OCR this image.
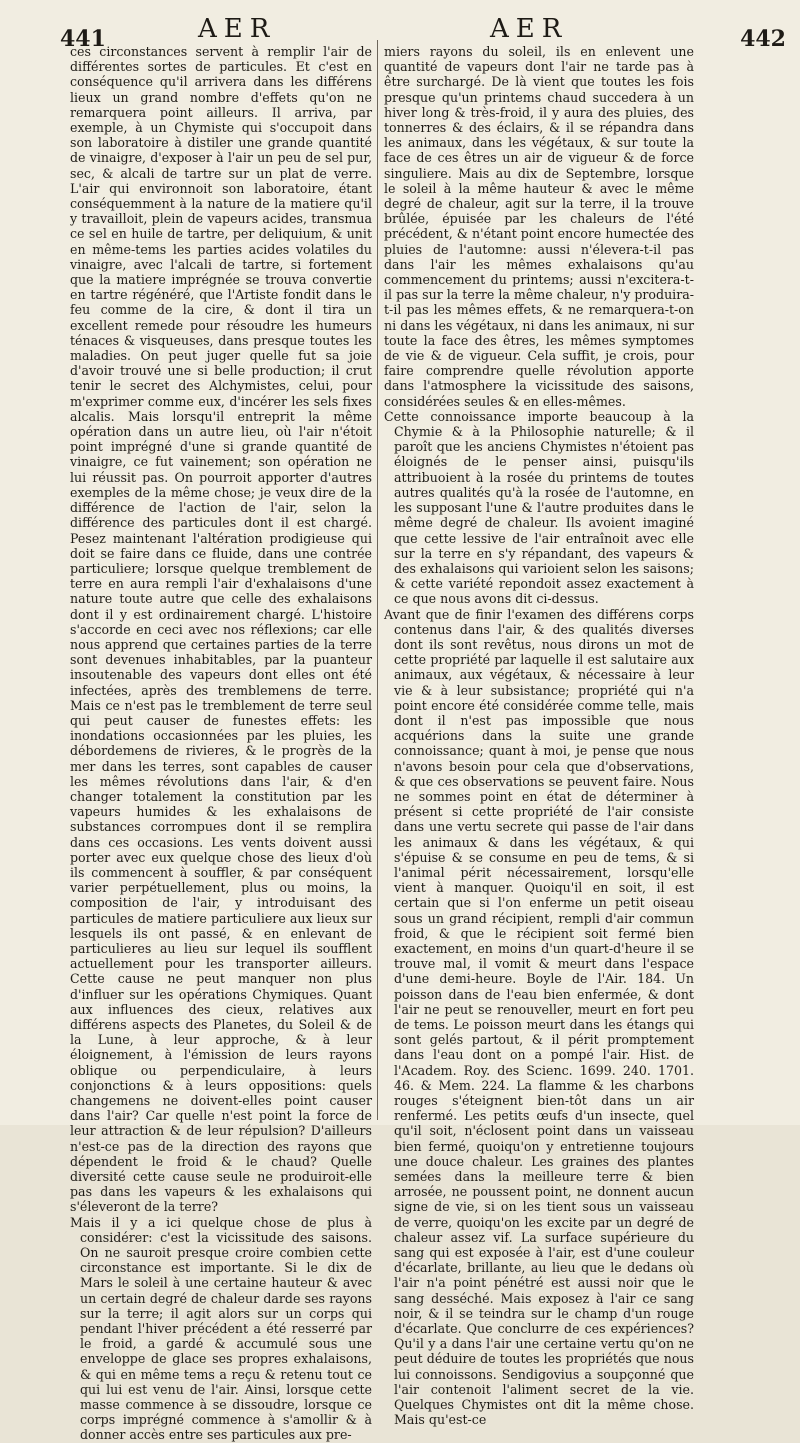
441	AER	AER	442

ces circonstances servent à remplir l'air de différentes sortes de particules. Et c'est en conséquence qu'il arrivera dans les différens lieux un grand nombre d'effets qu'on ne remarquera point ailleurs. Il arriva, par exemple, à un Chymiste qui s'occupoit dans son laboratoire à distiler une grande quantité de vinaigre, d'exposer à l'air un peu de sel pur, sec, & alcali de tartre sur un plat de verre. L'air qui environnoit son laboratoire, étant conséquemment à la nature de la matiere qu'il y travailloit, plein de vapeurs acides, transmua ce sel en huile de tartre, per deliquium, & unit en même-tems les parties acides volatiles du vinaigre, avec l'alcali de tartre, si fortement que la matiere imprégnée se trouva convertie en tartre régénéré, que l'Artiste fondit dans le feu comme de la cire, & dont il tira un excellent remede pour résoudre les humeurs ténaces & visqueuses, dans presque toutes les maladies. On peut juger quelle fut sa joie d'avoir trouvé une si belle production; il crut tenir le secret des Alchymistes, celui, pour m'exprimer comme eux, d'incérer les sels fixes alcalis. Mais lorsqu'il entreprit la même opération dans un autre lieu, où l'air n'étoit point imprégné d'une si grande quantité de vinaigre, ce fut vainement; son opération ne lui réussit pas. On pourroit apporter d'autres exemples de la même chose; je veux dire de la différence de l'action de l'air, selon la différence des particules dont il est chargé. Pesez maintenant l'altération prodigieuse qui doit se faire dans ce fluide, dans une contrée particuliere; lorsque quelque tremblement de terre en aura rempli l'air d'exhalaisons d'une nature toute autre que celle des exhalaisons dont il y est ordinairement chargé. L'histoire s'accorde en ceci avec nos réflexions; car elle nous apprend que certaines parties de la terre sont devenues inhabitables, par la puanteur insoutenable des vapeurs dont elles ont été infectées, après des tremblemens de terre. Mais ce n'est pas le tremblement de terre seul qui peut causer de funestes effets: les inondations occasionnées par les pluies, les débordemens de rivieres, & le progrès de la mer dans les terres, sont capables de causer les mêmes révolutions dans l'air, & d'en changer totalement la constitution par les vapeurs humides & les exhalaisons de substances corrompues dont il se remplira dans ces occasions. Les vents doivent aussi porter avec eux quelque chose des lieux d'où ils commencent à souffler, & par conséquent varier perpétuellement, plus ou moins, la composition de l'air, y introduisant des particules de matiere particuliere aux lieux sur lesquels ils ont passé, & en enlevant de particulieres au lieu sur lequel ils soufflent actuellement pour les transporter ailleurs. Cette cause ne peut manquer non plus d'influer sur les opérations Chymiques. Quant aux influences des cieux, relatives aux différens aspects des Planetes, du Soleil & de la Lune, à leur approche, & à leur éloignement, à l'émission de leurs rayons oblique ou perpendiculaire, à leurs conjonctions & à leurs oppositions: quels changemens ne doivent-elles point causer dans l'air? Car quelle n'est point la force de leur attraction & de leur répulsion? D'ailleurs n'est-ce pas de la direction des rayons que dépendent le froid & le chaud? Quelle diversité cette cause seule ne produiroit-elle pas dans les vapeurs & les exhalaisons qui s'éleveront de la terre?

Mais il y a ici quelque chose de plus à considérer: c'est la vicissitude des saisons. On ne sauroit presque croire combien cette circonstance est importante. Si le dix de Mars le soleil à une certaine hauteur & avec un certain degré de chaleur darde ses rayons sur la terre; il agit alors sur un corps qui pendant l'hiver précédent a été resserré par le froid, a gardé & accumulé sous une enveloppe de glace ses propres exhalaisons, & qui en même tems a reçu & retenu tout ce qui lui est venu de l'air. Ainsi, lorsque cette masse commence à se dissoudre, lorsque ce corps imprégné commence à s'amollir & à donner accès entre ses particules aux pre-

miers rayons du soleil, ils en enlevent une quantité de vapeurs dont l'air ne tarde pas à être surchargé. De là vient que toutes les fois presque qu'un printems chaud succedera à un hiver long & très-froid, il y aura des pluies, des tonnerres & des éclairs, & il se répandra dans les animaux, dans les végétaux, & sur toute la face de ces êtres un air de vigueur & de force singuliere. Mais au dix de Septembre, lorsque le soleil à la même hauteur & avec le même degré de chaleur, agit sur la terre, il la trouve brûlée, épuisée par les chaleurs de l'été précédent, & n'étant point encore humectée des pluies de l'automne: aussi n'élevera-t-il pas dans l'air les mêmes exhalaisons qu'au commencement du printems; aussi n'excitera-t-il pas sur la terre la même chaleur, n'y produira-t-il pas les mêmes effets, & ne remarquera-t-on ni dans les végétaux, ni dans les animaux, ni sur toute la face des êtres, les mêmes symptomes de vie & de vigueur. Cela suffit, je crois, pour faire comprendre quelle révolution apporte dans l'atmosphere la vicissitude des saisons, considérées seules & en elles-mêmes.

Cette connoissance importe beaucoup à la Chymie & à la Philosophie naturelle; & il paroît que les anciens Chymistes n'étoient pas éloignés de le penser ainsi, puisqu'ils attribuoient à la rosée du printems de toutes autres qualités qu'à la rosée de l'automne, en les supposant l'une & l'autre produites dans le même degré de chaleur. Ils avoient imaginé que cette lessive de l'air entraînoit avec elle sur la terre en s'y répandant, des vapeurs & des exhalaisons qui varioient selon les saisons; & cette variété repondoit assez exactement à ce que nous avons dit ci-dessus.

Avant que de finir l'examen des différens corps contenus dans l'air, & des qualités diverses dont ils sont revêtus, nous dirons un mot de cette propriété par laquelle il est salutaire aux animaux, aux végétaux, & nécessaire à leur vie & à leur subsistance; propriété qui n'a point encore été considérée comme telle, mais dont il n'est pas impossible que nous acquérions dans la suite une grande connoissance; quant à moi, je pense que nous n'avons besoin pour cela que d'observations, & que ces observations se peuvent faire. Nous ne sommes point en état de déterminer à présent si cette propriété de l'air consiste dans une vertu secrete qui passe de l'air dans les animaux & dans les végétaux, & qui s'épuise & se consume en peu de tems, & si l'animal périt nécessairement, lorsqu'elle vient à manquer. Quoiqu'il en soit, il est certain que si l'on enferme un petit oiseau sous un grand récipient, rempli d'air commun froid, & que le récipient soit fermé bien exactement, en moins d'un quart-d'heure il se trouve mal, il vomit & meurt dans l'espace d'une demi-heure. Boyle de l'Air. 184. Un poisson dans de l'eau bien enfermée, & dont l'air ne peut se renouveller, meurt en fort peu de tems. Le poisson meurt dans les étangs qui sont gelés partout, & il périt promptement dans l'eau dont on a pompé l'air. Hist. de l'Academ. Roy. des Scienc. 1699. 240. 1701. 46. & Mem. 224. La flamme & les charbons rouges s'éteignent bien-tôt dans un air renfermé. Les petits œufs d'un insecte, quel qu'il soit, n'éclosent point dans un vaisseau bien fermé, quoiqu'on y entretienne toujours une douce chaleur. Les graines des plantes semées dans la meilleure terre & bien arrosée, ne poussent point, ne donnent aucun signe de vie, si on les tient sous un vaisseau de verre, quoiqu'on les excite par un degré de chaleur assez vif. La surface supérieure du sang qui est exposée à l'air, est d'une couleur d'écarlate, brillante, au lieu que le dedans où l'air n'a point pénétré est aussi noir que le sang desséché. Mais exposez à l'air ce sang noir, & il se teindra sur le champ d'un rouge d'écarlate. Que conclurre de ces expériences? Qu'il y a dans l'air une certaine vertu qu'on ne peut déduire de toutes les propriétés que nous lui connoissons. Sendigovius a soupçonné que l'air contenoit l'aliment secret de la vie. Quelques Chymistes ont dit la même chose. Mais qu'est-ce
